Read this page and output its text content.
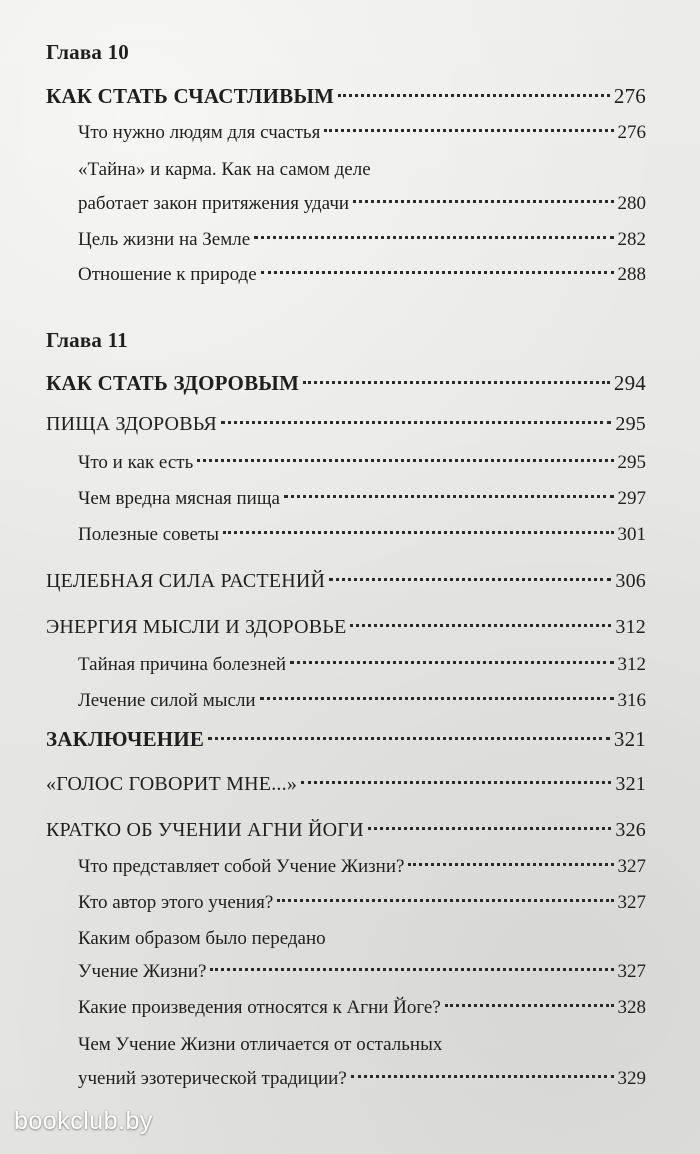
Глава 10
КАК СТАТЬ СЧАСТЛИВЫМ	276
Что нужно людям для счастья	276
«Тайна» и карма. Как на самом деле
работает закон притяжения удачи	280
Цель жизни на Земле	282
Отношение к природе	288
Глава 11
КАК СТАТЬ ЗДОРОВЫМ	294
ПИЩА ЗДОРОВЬЯ	295
Что и как есть	295
Чем вредна мясная пища	297
Полезные советы	301
ЦЕЛЕБНАЯ СИЛА РАСТЕНИЙ	306
ЭНЕРГИЯ МЫСЛИ И ЗДОРОВЬЕ	312
Тайная причина болезней	312
Лечение силой мысли	316
ЗАКЛЮЧЕНИЕ	321
«ГОЛОС ГОВОРИТ МНЕ...»	321
КРАТКО ОБ УЧЕНИИ АГНИ ЙОГИ	326
Что представляет собой Учение Жизни?	327
Кто автор этого учения?	327
Каким образом было передано
Учение Жизни?	327
Какие произведения относятся к Агни Йоге?	328
Чем Учение Жизни отличается от остальных
учений эзотерической традиции?	329
bookclub.by
